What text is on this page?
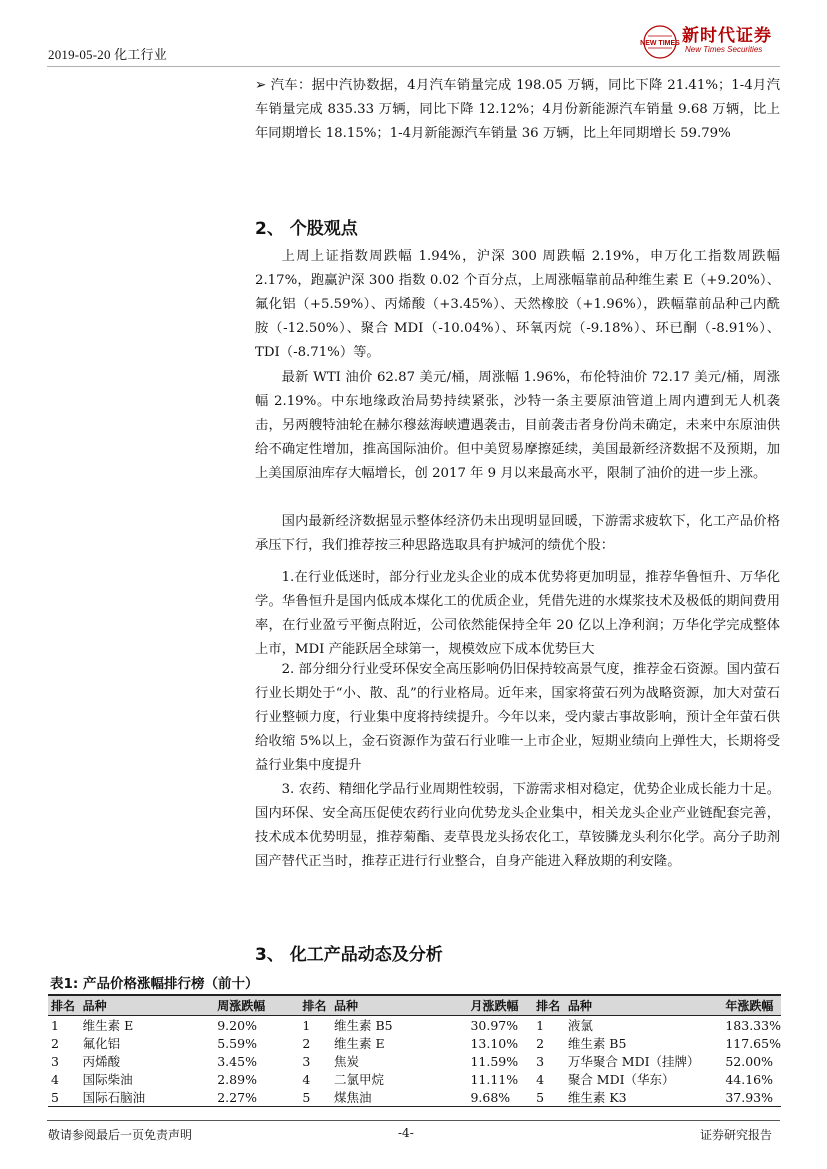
2019-05-20 化工行业
NEW TIMES 新时代证券
New Times Securities
➢ 汽车：据中汽协数据，4月汽车销量完成 198.05 万辆，同比下降 21.41%；1-4月汽车销量完成 835.33 万辆，同比下降 12.12%；4月份新能源汽车销量 9.68 万辆，比上年同期增长 18.15%；1-4月新能源汽车销量 36 万辆，比上年同期增长 59.79%
2、 个股观点
上周上证指数周跌幅 1.94%，沪深 300 周跌幅 2.19%，申万化工指数周跌幅 2.17%，跑赢沪深 300 指数 0.02 个百分点，上周涨幅靠前品种维生素 E（+9.20%）、氟化铝（+5.59%）、丙烯酸（+3.45%）、天然橡胶（+1.96%），跌幅靠前品种己内酰胺（-12.50%）、聚合 MDI（-10.04%）、环氧丙烷（-9.18%）、环已酮（-8.91%）、TDI（-8.71%）等。
最新 WTI 油价 62.87 美元/桶，周涨幅 1.96%，布伦特油价 72.17 美元/桶，周涨幅 2.19%。中东地缘政治局势持续紧张，沙特一条主要原油管道上周内遭到无人机袭击，另两艘特油轮在赫尔穆兹海峡遭遇袭击，目前袭击者身份尚未确定，未来中东原油供给不确定性增加，推高国际油价。但中美贸易摩擦延续，美国最新经济数据不及预期，加上美国原油库存大幅增长，创 2017 年 9 月以来最高水平，限制了油价的进一步上涨。
国内最新经济数据显示整体经济仍未出现明显回暖，下游需求疲软下，化工产品价格承压下行，我们推荐按三种思路选取具有护城河的绩优个股：
1.在行业低迷时，部分行业龙头企业的成本优势将更加明显，推荐华鲁恒升、万华化学。华鲁恒升是国内低成本煤化工的优质企业，凭借先进的水煤浆技术及极低的期间费用率，在行业盈亏平衡点附近，公司依然能保持全年 20 亿以上净利润；万华化学完成整体上市，MDI 产能跃居全球第一，规模效应下成本优势巨大
2. 部分细分行业受环保安全高压影响仍旧保持较高景气度，推荐金石资源。国内萤石行业长期处于“小、散、乱”的行业格局。近年来，国家将萤石列为战略资源，加大对萤石行业整顿力度，行业集中度将持续提升。今年以来，受内蒙古事故影响，预计全年萤石供给收缩 5%以上，金石资源作为萤石行业唯一上市企业，短期业绩向上弹性大，长期将受益行业集中度提升
3. 农药、精细化学品行业周期性较弱，下游需求相对稳定，优势企业成长能力十足。国内环保、安全高压促使农药行业向优势龙头企业集中，相关龙头企业产业链配套完善，技术成本优势明显，推荐菊酯、麦草畏龙头扬农化工，草铵膦龙头利尔化学。高分子助剂国产替代正当时，推荐正进行行业整合，自身产能进入释放期的利安隆。
3、 化工产品动态及分析
表1: 产品价格涨幅排行榜（前十）
排名	品种	周涨跌幅	排名	品种	月涨跌幅	排名	品种	年涨跌幅
1	维生素 E	9.20%	1	维生素 B5	30.97%	1	液氯	183.33%
2	氟化铝	5.59%	2	维生素 E	13.10%	2	维生素 B5	117.65%
3	丙烯酸	3.45%	3	焦炭	11.59%	3	万华聚合 MDI（挂牌）	52.00%
4	国际柴油	2.89%	4	二氯甲烷	11.11%	4	聚合 MDI（华东）	44.16%
5	国际石脑油	2.27%	5	煤焦油	9.68%	5	维生素 K3	37.93%
敬请参阅最后一页免责声明	-4-	证券研究报告
